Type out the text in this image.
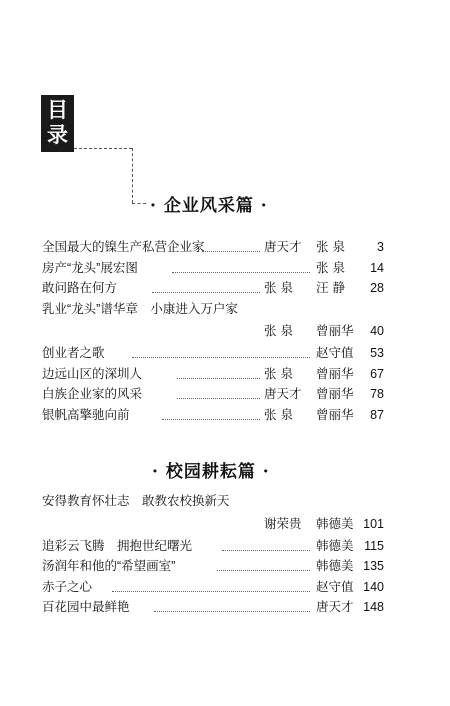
目
录
· 企业风采篇 ·
全国最大的镍生产私营企业家	唐天才 张 泉	3
房产“龙头”展宏图	张 泉 14
敢问路在何方	张 泉 汪 静 28
乳业“龙头”谱华章　小康进入万户家
张 泉 曾丽华 40
创业者之歌	赵守值 53
边远山区的深圳人	张 泉 曾丽华 67
白族企业家的风采	唐天才 曾丽华 78
银帆高擎驰向前	张 泉 曾丽华 87
· 校园耕耘篇 ·
安得教育怀壮志　敢教农校换新天
谢荣贵 韩德美 101
追彩云飞腾　拥抱世纪曙光	韩德美 115
汤润年和他的“希望画室”	韩德美 135
赤子之心	赵守值 140
百花园中最鲜艳	唐天才 148
